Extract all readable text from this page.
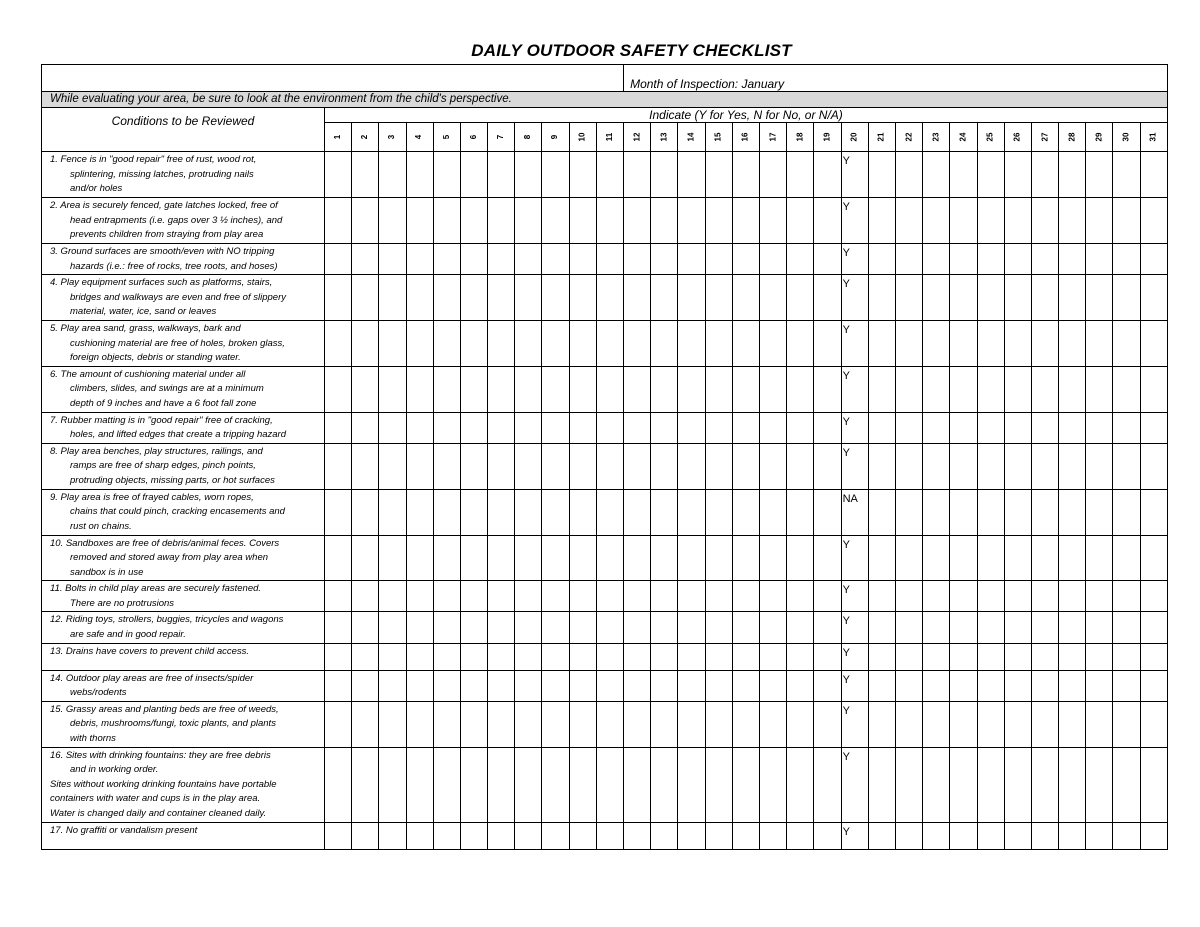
DAILY OUTDOOR SAFETY CHECKLIST
												Month of Inspection: January																			
While evaluating your area, be sure to look at the environment from the child's perspective.																															
Conditions to be Reviewed	Indicate (Y for Yes, N for No, or N/A)																														
	1	2	3	4	5	6	7	8	9	10	11	12	13	14	15	16	17	18	19	20	21	22	23	24	25	26	27	28	29	30	31

1. Fence is in "good repair" free of rust, wood rot,
splintering, missing latches, protruding nails
and/or holes																				Y											

2. Area is securely fenced, gate latches locked, free of
head entrapments (i.e. gaps over 3 ½ inches), and
prevents children from straying from play area																				Y											

3. Ground surfaces are smooth/even with NO tripping
hazards (i.e.: free of rocks, tree roots, and hoses)																				Y											

4. Play equipment surfaces such as platforms, stairs,
bridges and walkways are even and free of slippery
material, water, ice, sand or leaves																				Y											

5. Play area sand, grass, walkways, bark and
cushioning material are free of holes, broken glass,
foreign objects, debris or standing water.																				Y											

6. The amount of cushioning material under all
climbers, slides, and swings are at a minimum
depth of 9 inches and have a 6 foot fall zone																				Y											

7. Rubber matting is in "good repair" free of cracking,
holes, and lifted edges that create a tripping hazard																				Y											

8. Play area benches, play structures, railings, and
ramps are free of sharp edges, pinch points,
protruding objects, missing parts, or hot surfaces																				Y											

9. Play area is free of frayed cables, worn ropes,
chains that could pinch, cracking encasements and
rust on chains.																				NA											

10. Sandboxes are free of debris/animal feces. Covers
removed and stored away from play area when
sandbox is in use																				Y											

11. Bolts in child play areas are securely fastened.
There are no protrusions																				Y											

12. Riding toys, strollers, buggies, tricycles and wagons
are safe and in good repair.																				Y											

13. Drains have covers to prevent child access.																				Y											

14. Outdoor play areas are free of insects/spider
webs/rodents																				Y											

15. Grassy areas and planting beds are free of weeds,
debris, mushrooms/fungi, toxic plants, and plants
with thorns																				Y											

16. Sites with drinking fountains: they are free debris
and in working order.
Sites without working drinking fountains have portable
containers with water and cups is in the play area.
Water is changed daily and container cleaned daily.																				Y											

17. No graffiti or vandalism present																				Y											
